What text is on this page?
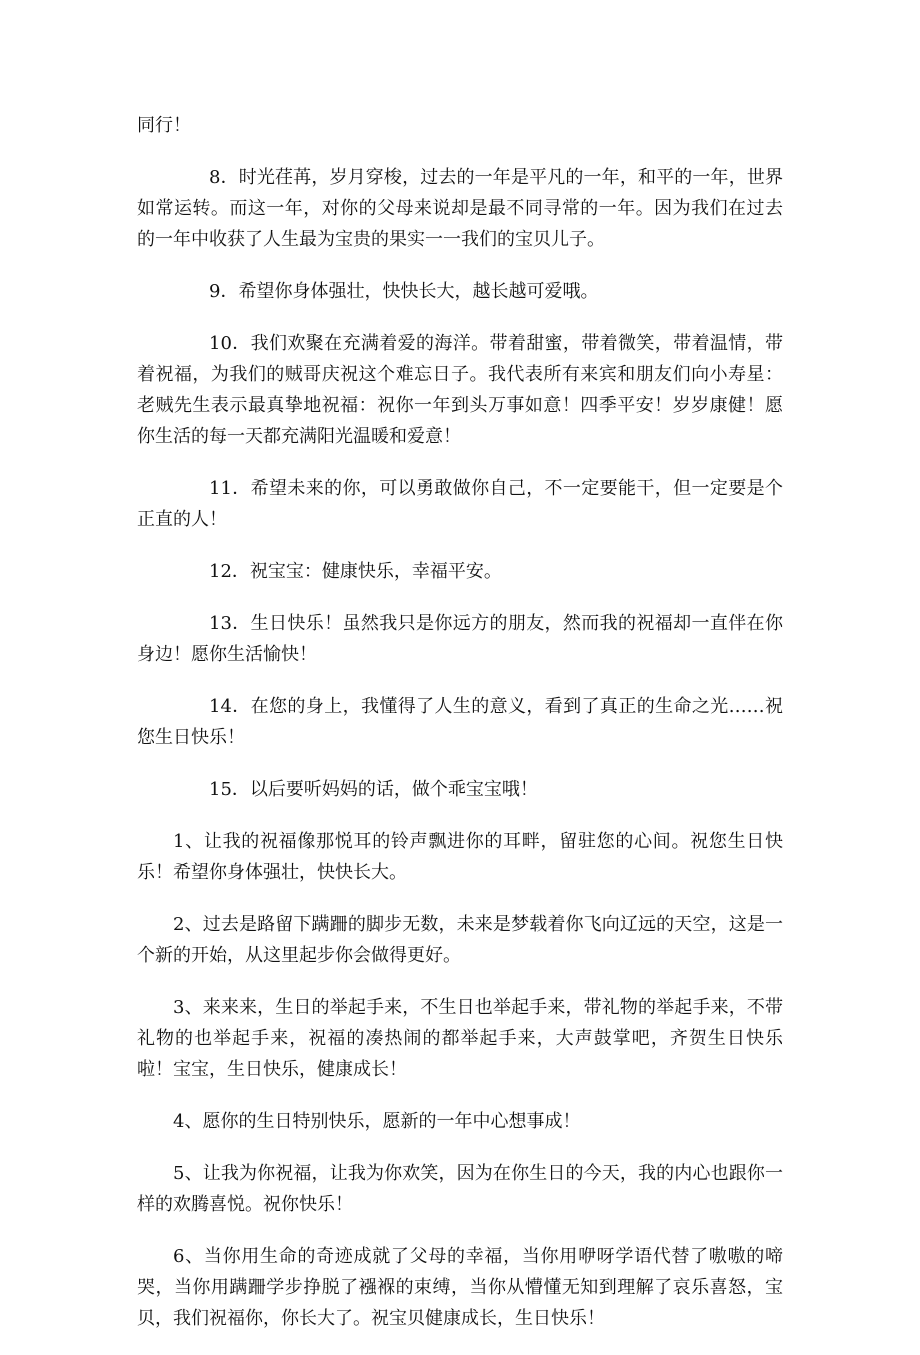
同行！

8．时光荏苒，岁月穿梭，过去的一年是平凡的一年，和平的一年，世界如常运转。而这一年，对你的父母来说却是最不同寻常的一年。因为我们在过去的一年中收获了人生最为宝贵的果实一一我们的宝贝儿子。

9．希望你身体强壮，快快长大，越长越可爱哦。

10．我们欢聚在充满着爱的海洋。带着甜蜜，带着微笑，带着温情，带着祝福，为我们的贼哥庆祝这个难忘日子。我代表所有来宾和朋友们向小寿星：老贼先生表示最真挚地祝福：祝你一年到头万事如意！四季平安！岁岁康健！愿你生活的每一天都充满阳光温暖和爱意！

11．希望未来的你，可以勇敢做你自己，不一定要能干，但一定要是个正直的人！

12．祝宝宝：健康快乐，幸福平安。

13．生日快乐！虽然我只是你远方的朋友，然而我的祝福却一直伴在你身边！愿你生活愉快！

14．在您的身上，我懂得了人生的意义，看到了真正的生命之光……祝您生日快乐！

15．以后要听妈妈的话，做个乖宝宝哦！

1、让我的祝福像那悦耳的铃声飘进你的耳畔，留驻您的心间。祝您生日快乐！希望你身体强壮，快快长大。

2、过去是路留下蹒跚的脚步无数，未来是梦载着你飞向辽远的天空，这是一个新的开始，从这里起步你会做得更好。

3、来来来，生日的举起手来，不生日也举起手来，带礼物的举起手来，不带礼物的也举起手来，祝福的凑热闹的都举起手来，大声鼓掌吧，齐贺生日快乐啦！宝宝，生日快乐，健康成长！

4、愿你的生日特别快乐，愿新的一年中心想事成！

5、让我为你祝福，让我为你欢笑，因为在你生日的今天，我的内心也跟你一样的欢腾喜悦。祝你快乐！

6、当你用生命的奇迹成就了父母的幸福，当你用咿呀学语代替了嗷嗷的啼哭，当你用蹒跚学步挣脱了襁褓的束缚，当你从懵懂无知到理解了哀乐喜怒，宝贝，我们祝福你，你长大了。祝宝贝健康成长，生日快乐！
